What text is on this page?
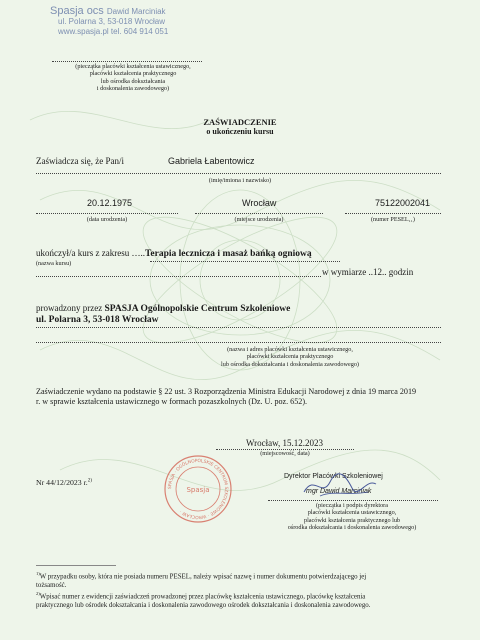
Spasja ocs Dawid Marciniak
ul. Polarna 3, 53-018 Wrocław
www.spasja.pl tel. 604 914 051
(pieczątka placówki kształcenia ustawicznego,
placówki kształcenia praktycznego
lub ośrodka dokształcania
i doskonalenia zawodowego)
ZAŚWIADCZENIE
o ukończeniu kursu
Zaświadcza się, że Pan/i	Gabriela Łabentowicz
(imię/imiona i nazwisko)
20.12.1975	Wrocław	75122002041
(data urodzenia)	(miejsce urodzenia)	(numer PESEL₁₁)
ukończył/a kurs z zakresu …..Terapia lecznicza i masaż bańką ogniową
(nazwa kursu)
w wymiarze ..12.. godzin
prowadzony przez SPASJA Ogólnopolskie Centrum Szkoleniowe
ul. Polarna 3, 53-018 Wrocław
(nazwa i adres placówki kształcenia ustawicznego,
placówki kształcenia praktycznego
lub ośrodka dokształcania i doskonalenia zawodowego)
Zaświadczenie wydano na podstawie § 22 ust. 3 Rozporządzenia Ministra Edukacji Narodowej z dnia 19 marca 2019
r. w sprawie kształcenia ustawicznego w formach pozaszkolnych (Dz. U. poz. 652).
Wrocław, 15.12.2023
(miejscowość, data)
Nr 44/12/2023 r.$^{2)}$
SPASJA · OGÓLNOPOLSKIE CENTRUM SZKOLENIOWE · WROCŁAW ·
Spasja
Dyrektor Placówki Szkoleniowej
mgr Dawid Marciniak
(pieczątka i podpis dyrektora
placówki kształcenia ustawicznego,
placówki kształcenia praktycznego lub
ośrodka dokształcania i doskonalenia zawodowego)
$^{1)}$W przypadku osoby, która nie posiada numeru PESEL, należy wpisać nazwę i numer dokumentu potwierdzającego jej
tożsamość.
$^{2)}$Wpisać numer z ewidencji zaświadczeń prowadzonej przez placówkę kształcenia ustawicznego, placówkę kształcenia
praktycznego lub ośrodek dokształcania i doskonalenia zawodowego ośrodek dokształcania i doskonalenia zawodowego.
